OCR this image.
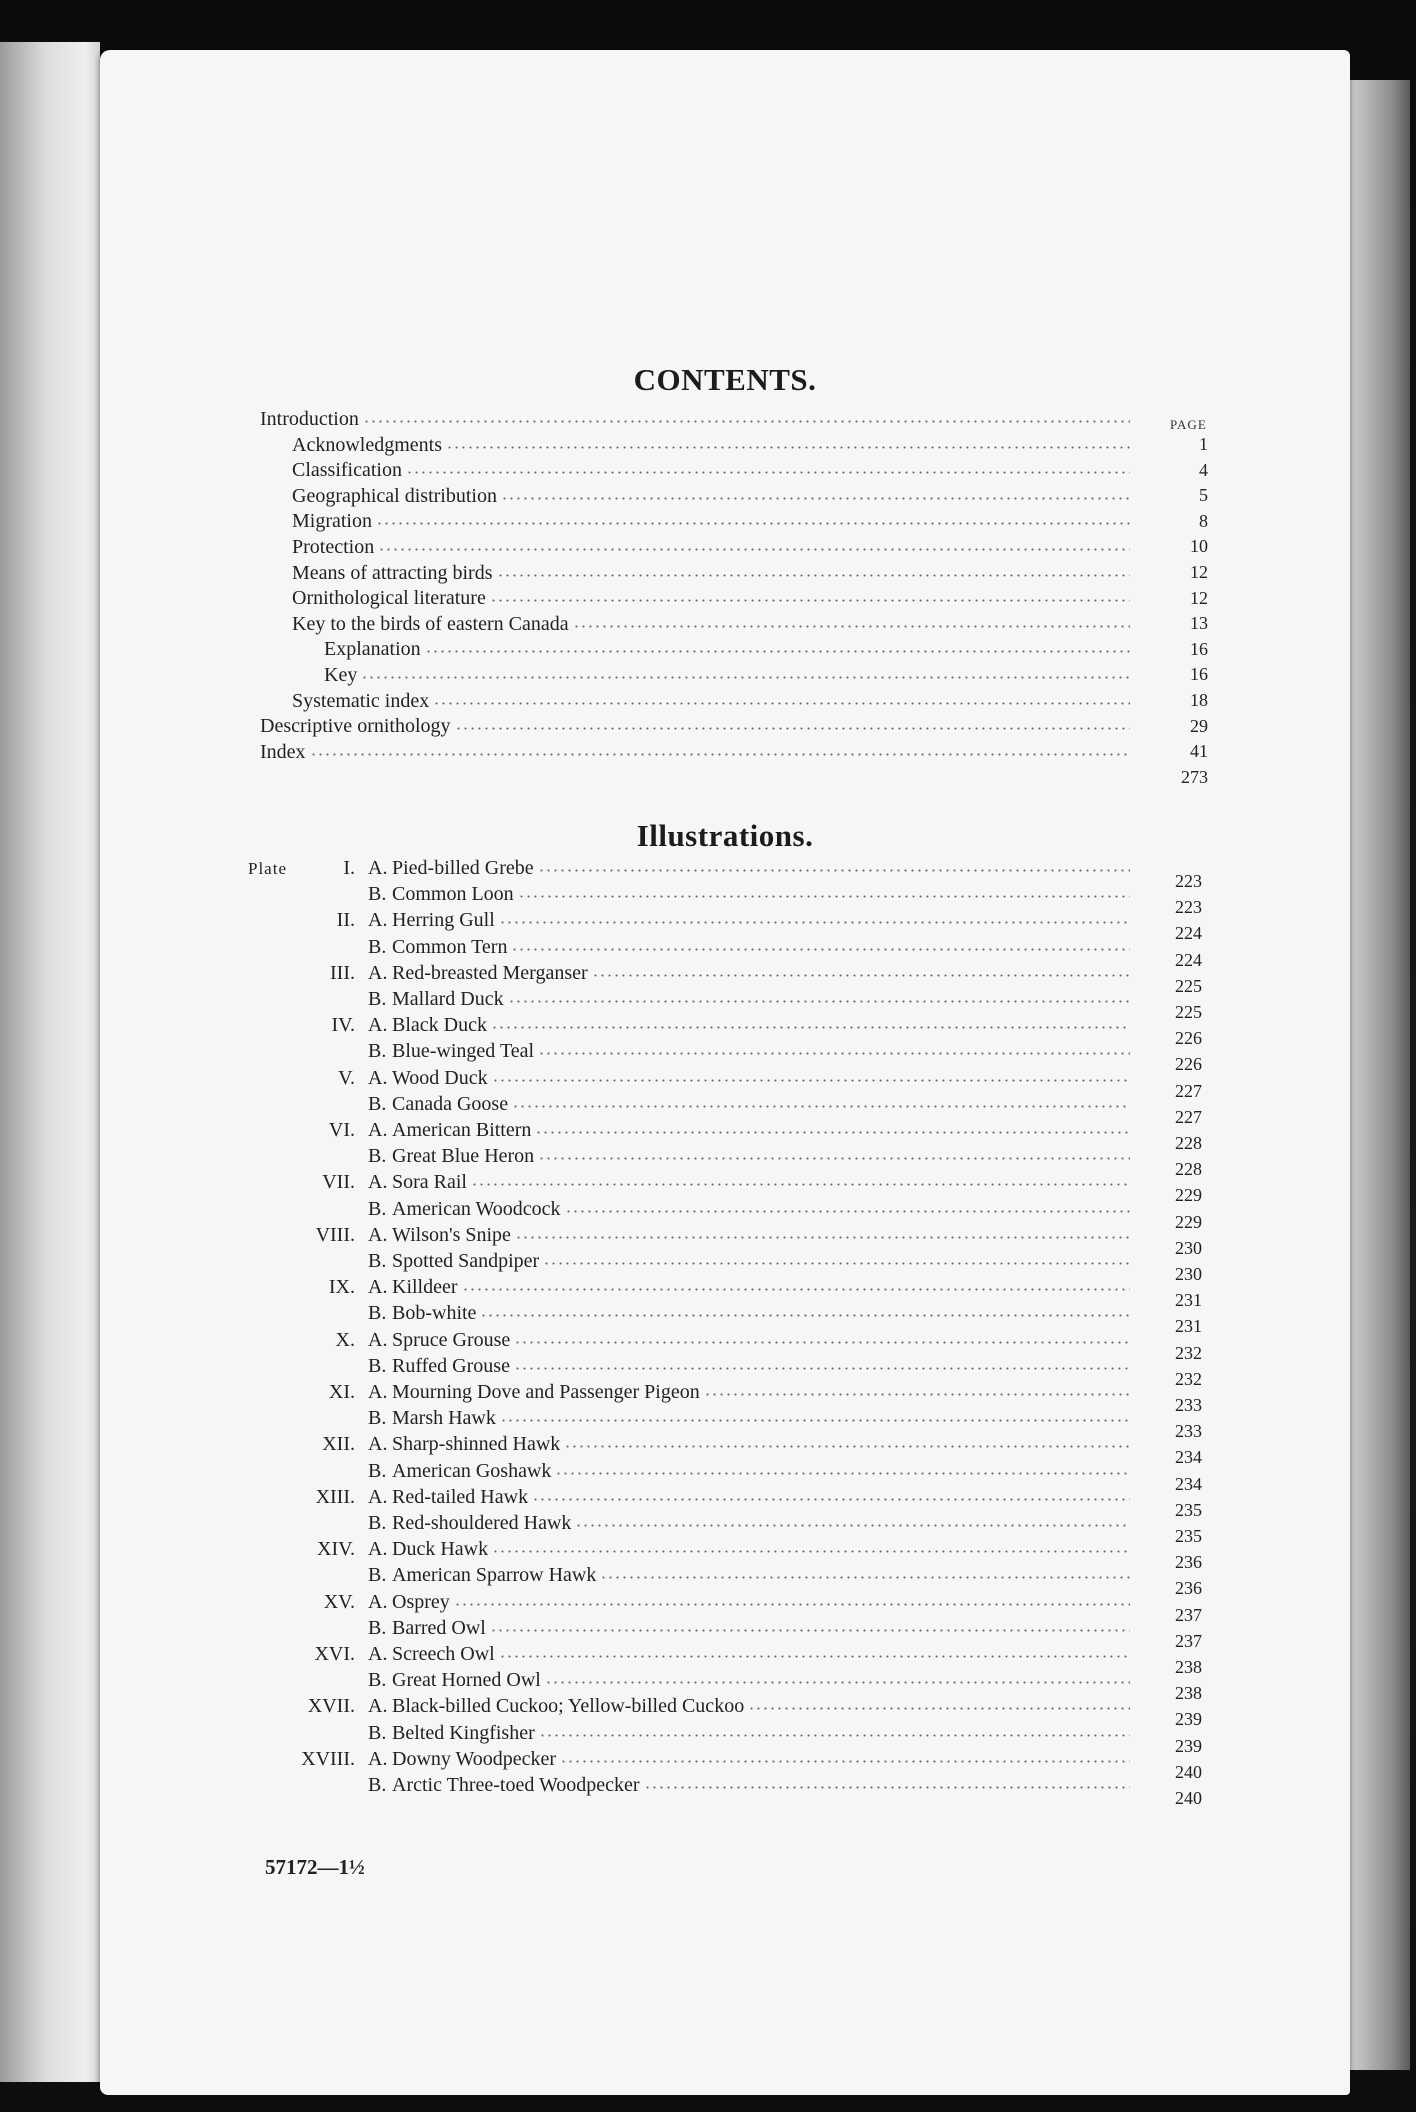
CONTENTS.
PAGE
Introduction
1
Acknowledgments
4
Classification
5
Geographical distribution
8
Migration
10
Protection
12
Means of attracting birds
12
Ornithological literature
13
Key to the birds of eastern Canada
16
Explanation
16
Key
18
Systematic index
29
Descriptive ornithology
41
Index
273
Illustrations.
Plate	I. A. Pied-billed Grebe
223
B. Common Loon
223
II. A. Herring Gull
224
B. Common Tern
224
III. A. Red-breasted Merganser
225
B. Mallard Duck
225
IV. A. Black Duck
226
B. Blue-winged Teal
226
V. A. Wood Duck
227
B. Canada Goose
227
VI. A. American Bittern
228
B. Great Blue Heron
228
VII. A. Sora Rail
229
B. American Woodcock
229
VIII. A. Wilson's Snipe
230
B. Spotted Sandpiper
230
IX. A. Killdeer
231
B. Bob-white
231
X. A. Spruce Grouse
232
B. Ruffed Grouse
232
XI. A. Mourning Dove and Passenger Pigeon
233
B. Marsh Hawk
233
XII. A. Sharp-shinned Hawk
234
B. American Goshawk
234
XIII. A. Red-tailed Hawk
235
B. Red-shouldered Hawk
235
XIV. A. Duck Hawk
236
B. American Sparrow Hawk
236
XV. A. Osprey
237
B. Barred Owl
237
XVI. A. Screech Owl
238
B. Great Horned Owl
238
XVII. A. Black-billed Cuckoo; Yellow-billed Cuckoo
239
B. Belted Kingfisher
239
XVIII. A. Downy Woodpecker
240
B. Arctic Three-toed Woodpecker
240
57172—1½
